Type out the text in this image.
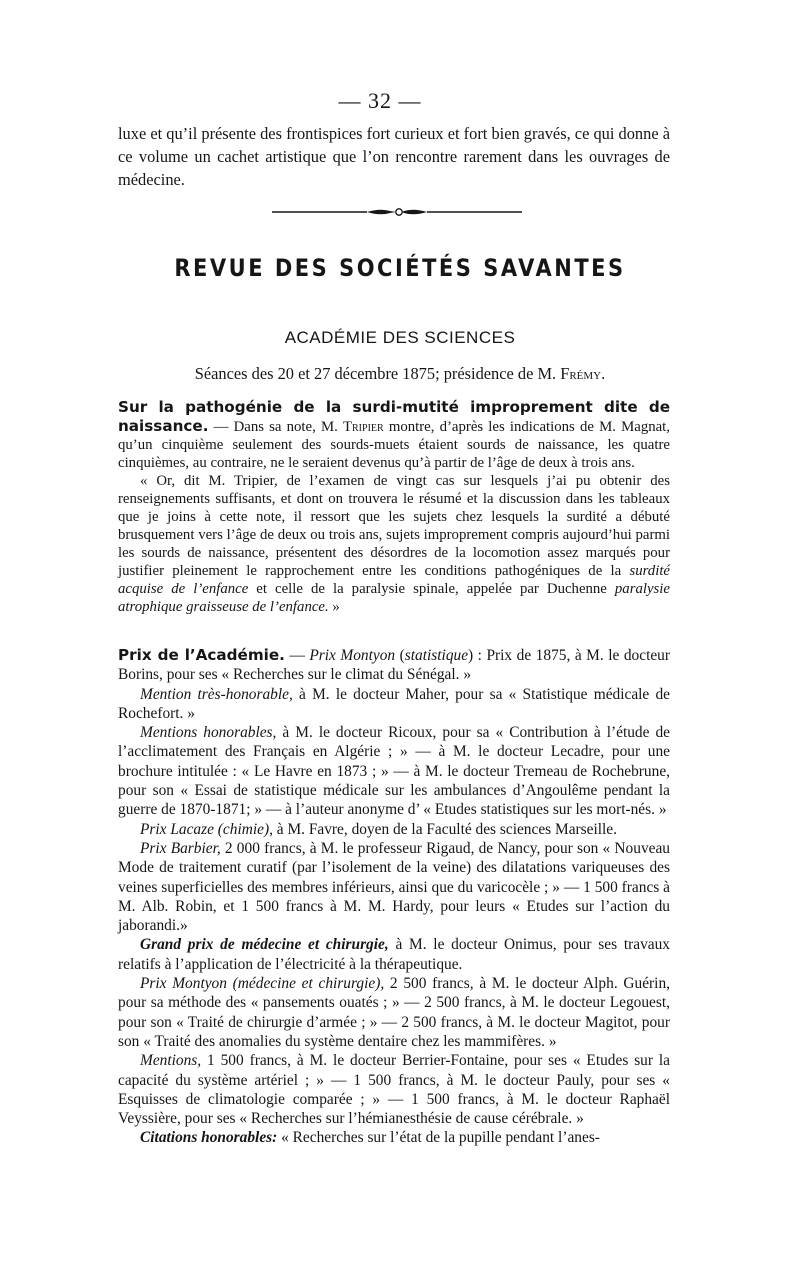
— 32 —
luxe et qu’il présente des frontispices fort curieux et fort bien gravés, ce qui donne à ce volume un cachet artistique que l’on rencontre rarement dans les ouvrages de médecine.
REVUE DES SOCIÉTÉS SAVANTES
ACADÉMIE DES SCIENCES
Séances des 20 et 27 décembre 1875; présidence de M. Frémy.

Sur la pathogénie de la surdi-mutité improprement dite de naissance. — Dans sa note, M. Tripier montre, d’après les indications de M. Magnat, qu’un cinquième seulement des sourds-muets étaient sourds de naissance, les quatre cinquièmes, au contraire, ne le seraient devenus qu’à partir de l’âge de deux à trois ans.

« Or, dit M. Tripier, de l’examen de vingt cas sur lesquels j’ai pu obtenir des renseignements suffisants, et dont on trouvera le résumé et la discussion dans les tableaux que je joins à cette note, il ressort que les sujets chez lesquels la surdité a débuté brusquement vers l’âge de deux ou trois ans, sujets improprement compris aujourd’hui parmi les sourds de naissance, présentent des désordres de la locomotion assez marqués pour justifier pleinement le rapprochement entre les conditions pathogéniques de la surdité acquise de l’enfance et celle de la paralysie spinale, appelée par Duchenne paralysie atrophique graisseuse de l’enfance. »

Prix de l’Académie. — Prix Montyon (statistique) : Prix de 1875, à M. le docteur Borins, pour ses « Recherches sur le climat du Sénégal. »

Mention très-honorable, à M. le docteur Maher, pour sa « Statistique médicale de Rochefort. »

Mentions honorables, à M. le docteur Ricoux, pour sa « Contribution à l’étude de l’acclimatement des Français en Algérie ; » — à M. le docteur Lecadre, pour une brochure intitulée : « Le Havre en 1873 ; » — à M. le docteur Tremeau de Rochebrune, pour son « Essai de statistique médicale sur les ambulances d’Angoulême pendant la guerre de 1870-1871; » — à l’auteur anonyme d’ « Etudes statistiques sur les mort-nés. »

Prix Lacaze (chimie), à M. Favre, doyen de la Faculté des sciences Marseille.

Prix Barbier, 2 000 francs, à M. le professeur Rigaud, de Nancy, pour son « Nouveau Mode de traitement curatif (par l’isolement de la veine) des dilatations variqueuses des veines superficielles des membres inférieurs, ainsi que du varicocèle ; » — 1 500 francs à M. Alb. Robin, et 1 500 francs à M. M. Hardy, pour leurs « Etudes sur l’action du jaborandi.»

Grand prix de médecine et chirurgie, à M. le docteur Onimus, pour ses travaux relatifs à l’application de l’électricité à la thérapeutique.

Prix Montyon (médecine et chirurgie), 2 500 francs, à M. le docteur Alph. Guérin, pour sa méthode des « pansements ouatés ; » — 2 500 francs, à M. le docteur Legouest, pour son « Traité de chirurgie d’armée ; » — 2 500 francs, à M. le docteur Magitot, pour son « Traité des anomalies du système dentaire chez les mammifères. »

Mentions, 1 500 francs, à M. le docteur Berrier-Fontaine, pour ses « Etudes sur la capacité du système artériel ; » — 1 500 francs, à M. le docteur Pauly, pour ses « Esquisses de climatologie comparée ; » — 1 500 francs, à M. le docteur Raphaël Veyssière, pour ses « Recherches sur l’hémianesthésie de cause cérébrale. »

Citations honorables: « Recherches sur l’état de la pupille pendant l’anes-
